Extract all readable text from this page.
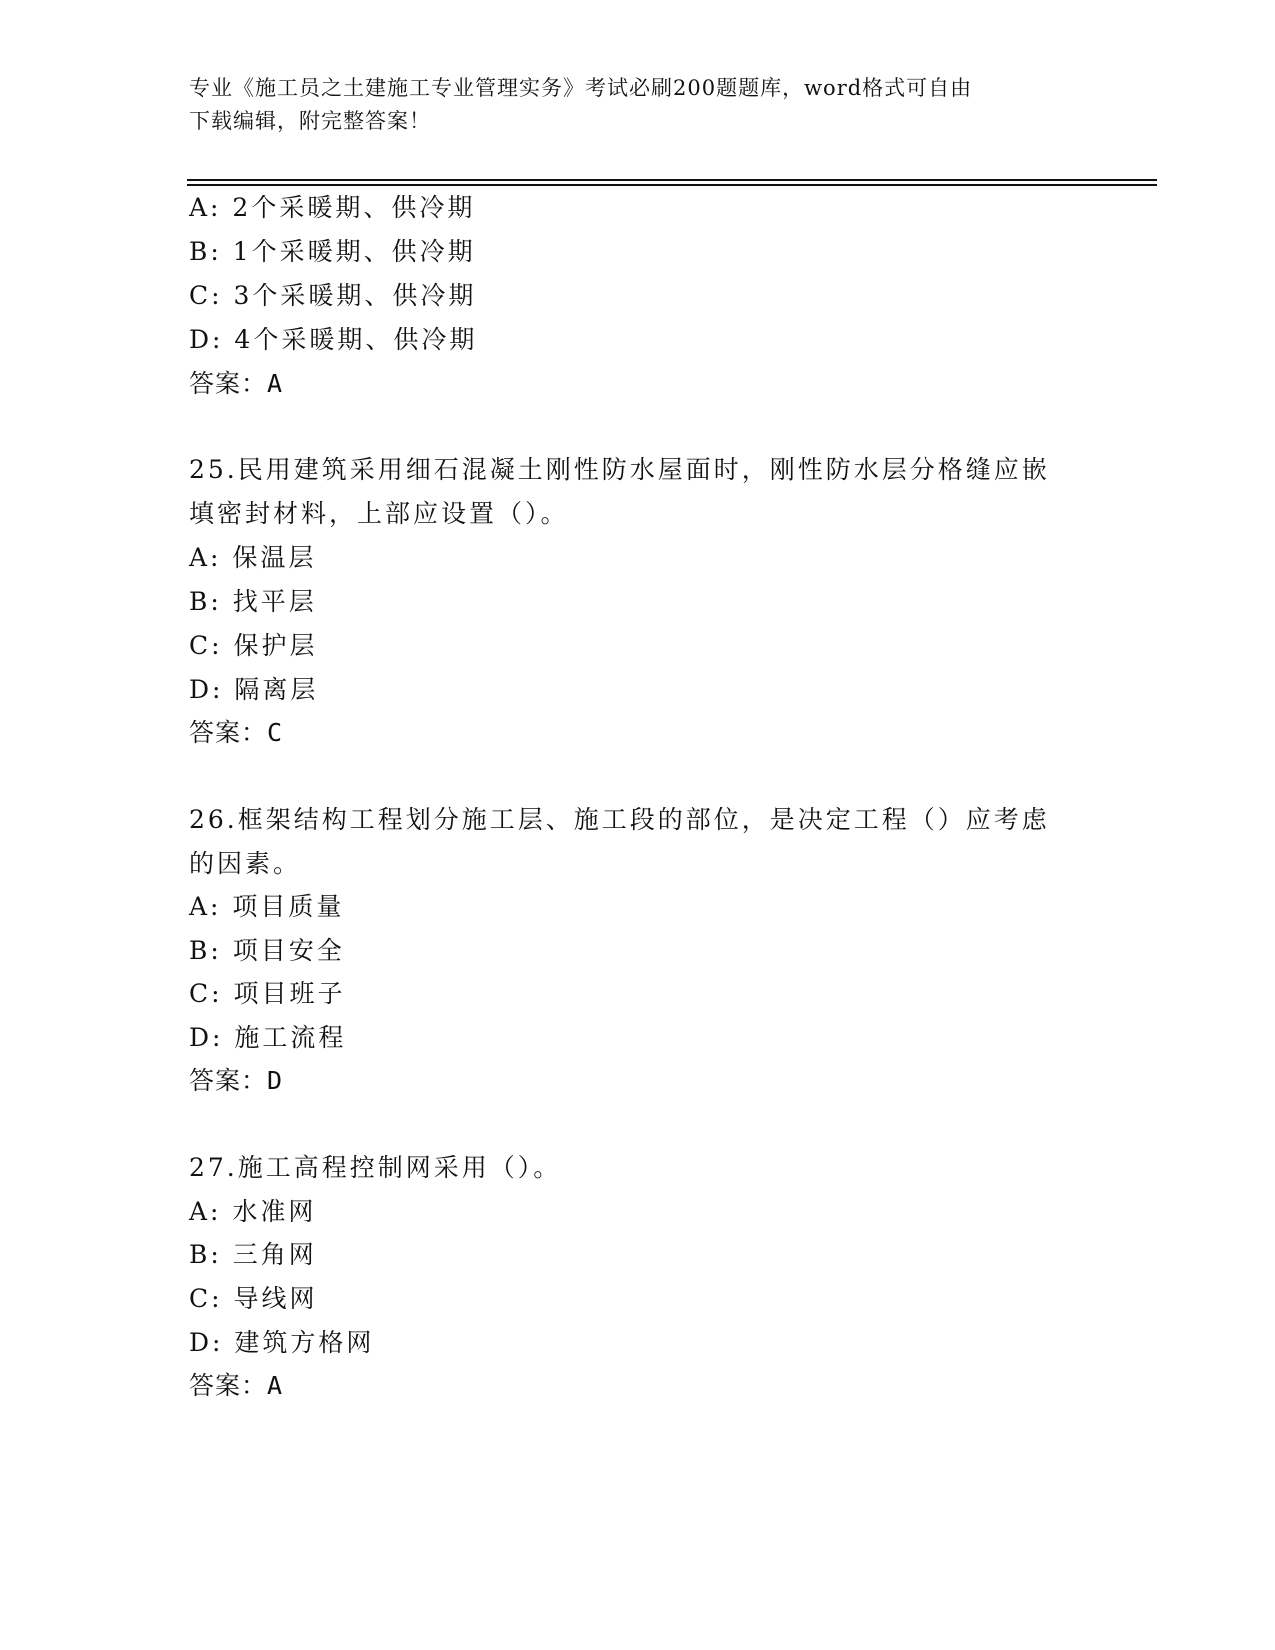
专业《施工员之土建施工专业管理实务》考试必刷200题题库，word格式可自由
下载编辑，附完整答案！
A: 2个采暖期、供冷期
B: 1个采暖期、供冷期
C: 3个采暖期、供冷期
D: 4个采暖期、供冷期
答案：A
25.民用建筑采用细石混凝土刚性防水屋面时，刚性防水层分格缝应嵌
填密封材料，上部应设置（）。
A: 保温层
B: 找平层
C: 保护层
D: 隔离层
答案：C
26.框架结构工程划分施工层、施工段的部位，是决定工程（）应考虑
的因素。
A: 项目质量
B: 项目安全
C: 项目班子
D: 施工流程
答案：D
27.施工高程控制网采用（）。
A: 水准网
B: 三角网
C: 导线网
D: 建筑方格网
答案：A
